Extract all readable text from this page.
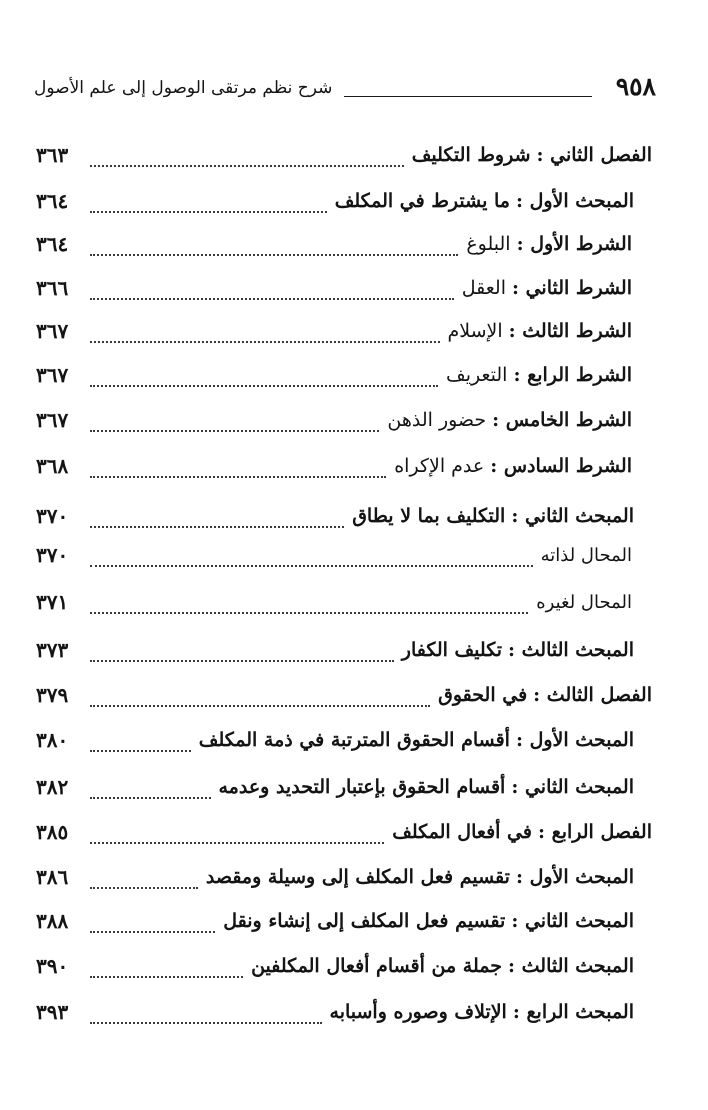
٩٥٨
شرح نظم مرتقى الوصول إلى علم الأصول
الفصل الثاني :
شروط التكليف
٣٦٣
المبحث الأول :
ما يشترط في المكلف
٣٦٤
الشرط الأول :
البلوغ
٣٦٤
الشرط الثاني :
العقل
٣٦٦
الشرط الثالث :
الإسلام
٣٦٧
الشرط الرابع :
التعريف
٣٦٧
الشرط الخامس :
حضور الذهن
٣٦٧
الشرط السادس :
عدم الإكراه
٣٦٨
المبحث الثاني :
التكليف بما لا يطاق
٣٧٠
المحال لذاته
٣٧٠
المحال لغيره
٣٧١
المبحث الثالث :
تكليف الكفار
٣٧٣
الفصل الثالث :
في الحقوق
٣٧٩
المبحث الأول :
أقسام الحقوق المترتبة في ذمة المكلف
٣٨٠
المبحث الثاني :
أقسام الحقوق بإعتبار التحديد وعدمه
٣٨٢
الفصل الرابع :
في أفعال المكلف
٣٨٥
المبحث الأول :
تقسيم فعل المكلف إلى وسيلة ومقصد
٣٨٦
المبحث الثاني :
تقسيم فعل المكلف إلى إنشاء ونقل
٣٨٨
المبحث الثالث :
جملة من أقسام أفعال المكلفين
٣٩٠
المبحث الرابع :
الإتلاف وصوره وأسبابه
٣٩٣
